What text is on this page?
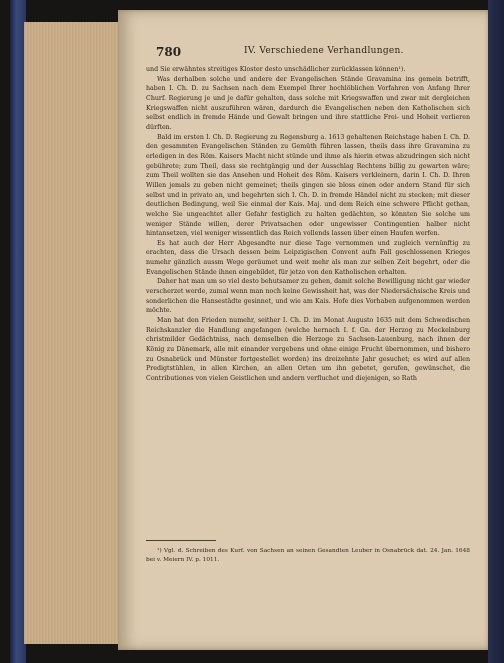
780	IV. Verschiedene Verhandlungen.

und Sie erwähntes streitiges Kloster desto unschädlicher zurücklassen können¹).

Was derhalben solche und andere der Evangelischen Stände Gravamina ins gemein betrifft, haben I. Ch. D. zu Sachsen nach dem Exempel Ihrer hochlöblichen Vorfahren von Anfang Ihrer Churf. Regierung je und je dafür gehalten, dass solche mit Kriegswaffen und zwar mit dergleichen Kriegswaffen nicht auszuführen wären, dardurch die Evangelischen neben den Katholischen sich selbst endlich in fremde Hände und Gewalt bringen und ihre stattliche Frei- und Hoheit verlieren dürften.

Bald im ersten I. Ch. D. Regierung zu Regensburg a. 1613 gehaltenen Reichstage haben I. Ch. D. den gesammten Evangelischen Ständen zu Gemüth führen lassen, theils dass ihre Gravamina zu erledigen in des Röm. Kaisers Macht nicht stünde und ihme als hierin etwas abzudringen sich nicht gebührete; zum Theil, dass sie rechtgängig und der Ausschlag Rechtens billig zu gewarten wäre; zum Theil wollten sie das Ansehen und Hoheit des Röm. Kaisers verkleinern, darin I. Ch. D. Ihren Willen jemals zu geben nicht gemeinet; theils gingen sie bloss einen oder andern Stand für sich selbst und in privato an, und begehrten sich I. Ch. D. in fremde Händel nicht zu stecken; mit dieser deutlichen Bedingung, weil Sie einmal der Kais. Maj. und dem Reich eine schwere Pflicht gethan, welche Sie ungeachtet aller Gefahr festiglich zu halten gedächten, so könnten Sie solche um weniger Stände willen, derer Privatsachen oder ungewisser Contingentien halber nicht hintansetzen, viel weniger wissentlich das Reich vollends lassen über einen Haufen werfen.

Es hat auch der Herr Abgesandte nur diese Tage vernommen und zugleich vernünftig zu erachten, dass die Ursach dessen beim Leipzigischen Convent aufn Fall geschlossenen Krieges numehr gänzlich aussm Wege geräumet und weit mehr als man zur selben Zeit begehrt, oder die Evangelischen Stände ihnen eingebildet, für jetzo von den Katholischen erhalten.

Daher hat man um so viel desto behutsamer zu gehen, damit solche Bewilligung nicht gar wieder verscherzet werde, zumal wenn man noch keine Gewissheit hat, was der Niedersächsische Kreis und sonderlichen die Hansestädte gesinnet, und wie am Kais. Hofe dies Vorhaben aufgenommen werden möchte.

Man hat den Frieden numehr, seither I. Ch. D. im Monat Augusto 1635 mit dem Schwedischen Reichskanzler die Handlung angefangen (welche hernach I. f. Gn. der Herzog zu Meckelnburg christmilder Gedächtniss, nach demselben die Herzoge zu Sachsen-Lauenburg, nach ihnen der König zu Dänemark, alle mit einander vergebens und ohne einige Frucht übernommen, und bishero zu Osnabrück und Münster fortgestellet worden) ins dreizehnte Jahr gesuchet; es wird auf allen Predigtstühlen, in allen Kirchen, an allen Orten um ihn gebetet, gerufen, gewünschet, die Contributiones von vielen Geistlichen und andern verfluchet und diejenigen, so Rath

¹) Vgl. d. Schreiben des Kurf. von Sachsen an seinen Gesandten Leuber in Osnabrück dat. 24. Jan. 1648 bei v. Meiern IV. p. 1011.
